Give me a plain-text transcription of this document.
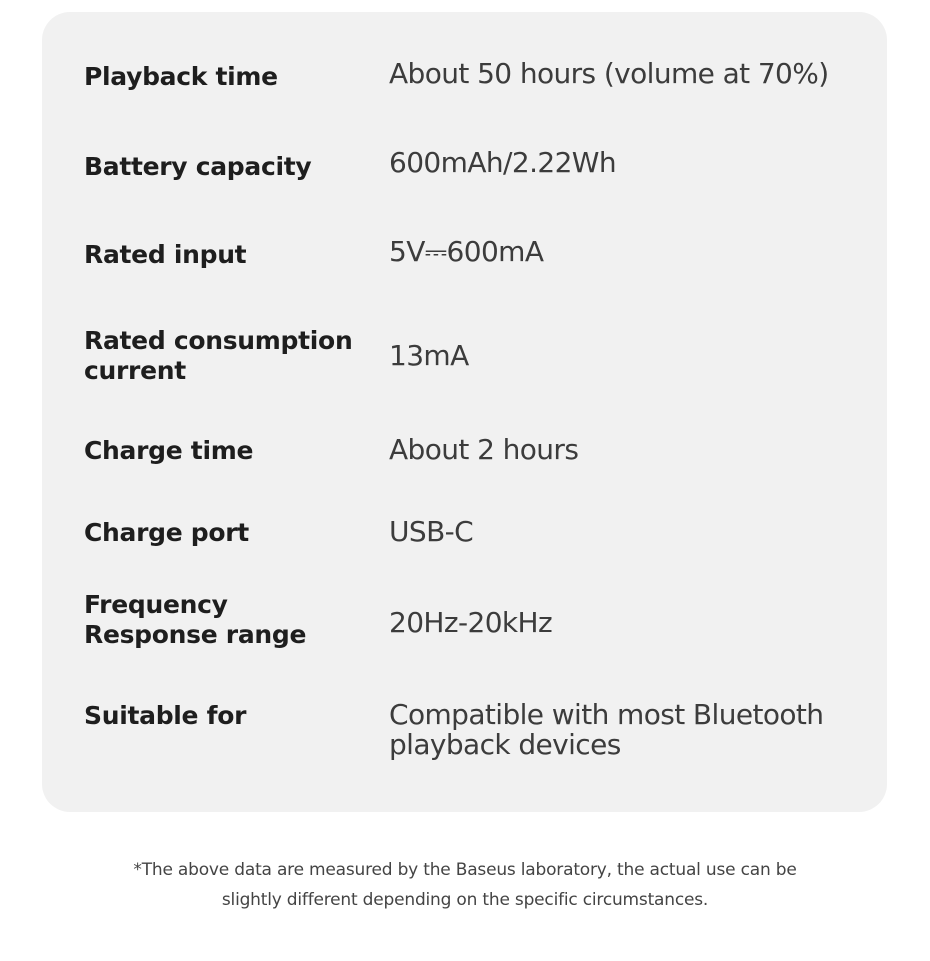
Playback time	About 50 hours (volume at 70%)
Battery capacity	600mAh/2.22Wh
Rated input	5V⎓600mA
Rated consumption current	13mA
Charge time	About 2 hours
Charge port	USB-C
Frequency Response range	20Hz-20kHz
Suitable for	Compatible with most Bluetooth playback devices
*The above data are measured by the Baseus laboratory, the actual use can be
slightly different depending on the specific circumstances.
